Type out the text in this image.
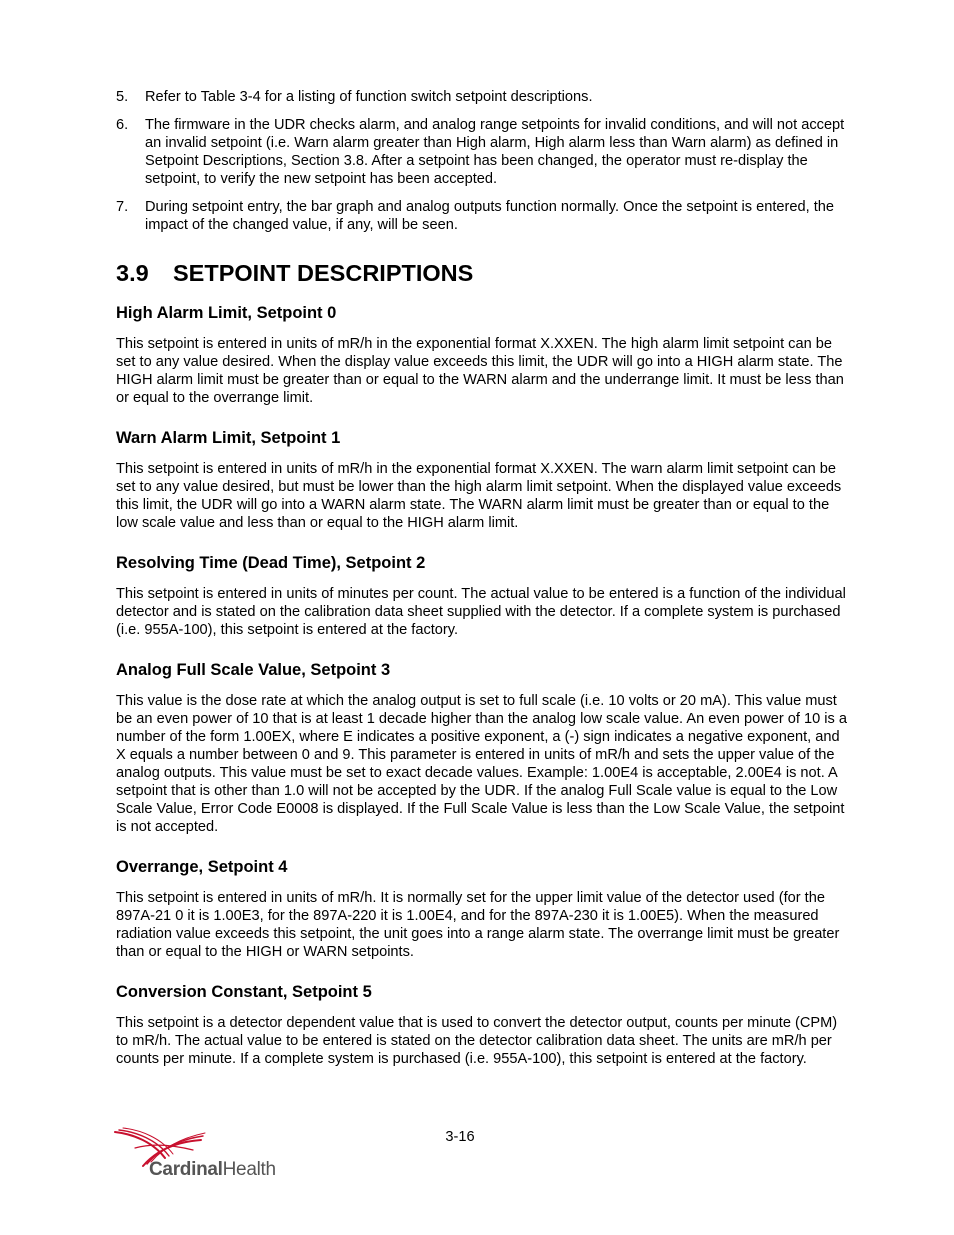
5. Refer to Table 3-4 for a listing of function switch setpoint descriptions.
6. The firmware in the UDR checks alarm, and analog range setpoints for invalid conditions, and will not accept an invalid setpoint (i.e. Warn alarm greater than High alarm, High alarm less than Warn alarm) as defined in Setpoint Descriptions, Section 3.8. After a setpoint has been changed, the operator must re-display the setpoint, to verify the new setpoint has been accepted.
7. During setpoint entry, the bar graph and analog outputs function normally. Once the setpoint is entered, the impact of the changed value, if any, will be seen.
3.9 SETPOINT DESCRIPTIONS
High Alarm Limit, Setpoint 0

This setpoint is entered in units of mR/h in the exponential format X.XXEN. The high alarm limit setpoint can be set to any value desired. When the display value exceeds this limit, the UDR will go into a HIGH alarm state. The HIGH alarm limit must be greater than or equal to the WARN alarm and the underrange limit. It must be less than or equal to the overrange limit.

Warn Alarm Limit, Setpoint 1

This setpoint is entered in units of mR/h in the exponential format X.XXEN. The warn alarm limit setpoint can be set to any value desired, but must be lower than the high alarm limit setpoint. When the displayed value exceeds this limit, the UDR will go into a WARN alarm state. The WARN alarm limit must be greater than or equal to the low scale value and less than or equal to the HIGH alarm limit.

Resolving Time (Dead Time), Setpoint 2

This setpoint is entered in units of minutes per count. The actual value to be entered is a function of the individual detector and is stated on the calibration data sheet supplied with the detector. If a complete system is purchased (i.e. 955A-100), this setpoint is entered at the factory.

Analog Full Scale Value, Setpoint 3

This value is the dose rate at which the analog output is set to full scale (i.e. 10 volts or 20 mA). This value must be an even power of 10 that is at least 1 decade higher than the analog low scale value. An even power of 10 is a number of the form 1.00EX, where E indicates a positive exponent, a (-) sign indicates a negative exponent, and X equals a number between 0 and 9. This parameter is entered in units of mR/h and sets the upper value of the analog outputs. This value must be set to exact decade values. Example: 1.00E4 is acceptable, 2.00E4 is not. A setpoint that is other than 1.0 will not be accepted by the UDR. If the analog Full Scale value is equal to the Low Scale Value, Error Code E0008 is displayed. If the Full Scale Value is less than the Low Scale Value, the setpoint is not accepted.

Overrange, Setpoint 4

This setpoint is entered in units of mR/h. It is normally set for the upper limit value of the detector used (for the 897A-21 0 it is 1.00E3, for the 897A-220 it is 1.00E4, and for the 897A-230 it is 1.00E5). When the measured radiation value exceeds this setpoint, the unit goes into a range alarm state. The overrange limit must be greater than or equal to the HIGH or WARN setpoints.

Conversion Constant, Setpoint 5

This setpoint is a detector dependent value that is used to convert the detector output, counts per minute (CPM) to mR/h. The actual value to be entered is stated on the detector calibration data sheet. The units are mR/h per counts per minute. If a complete system is purchased (i.e. 955A-100), this setpoint is entered at the factory.

3-16
CardinalHealth
